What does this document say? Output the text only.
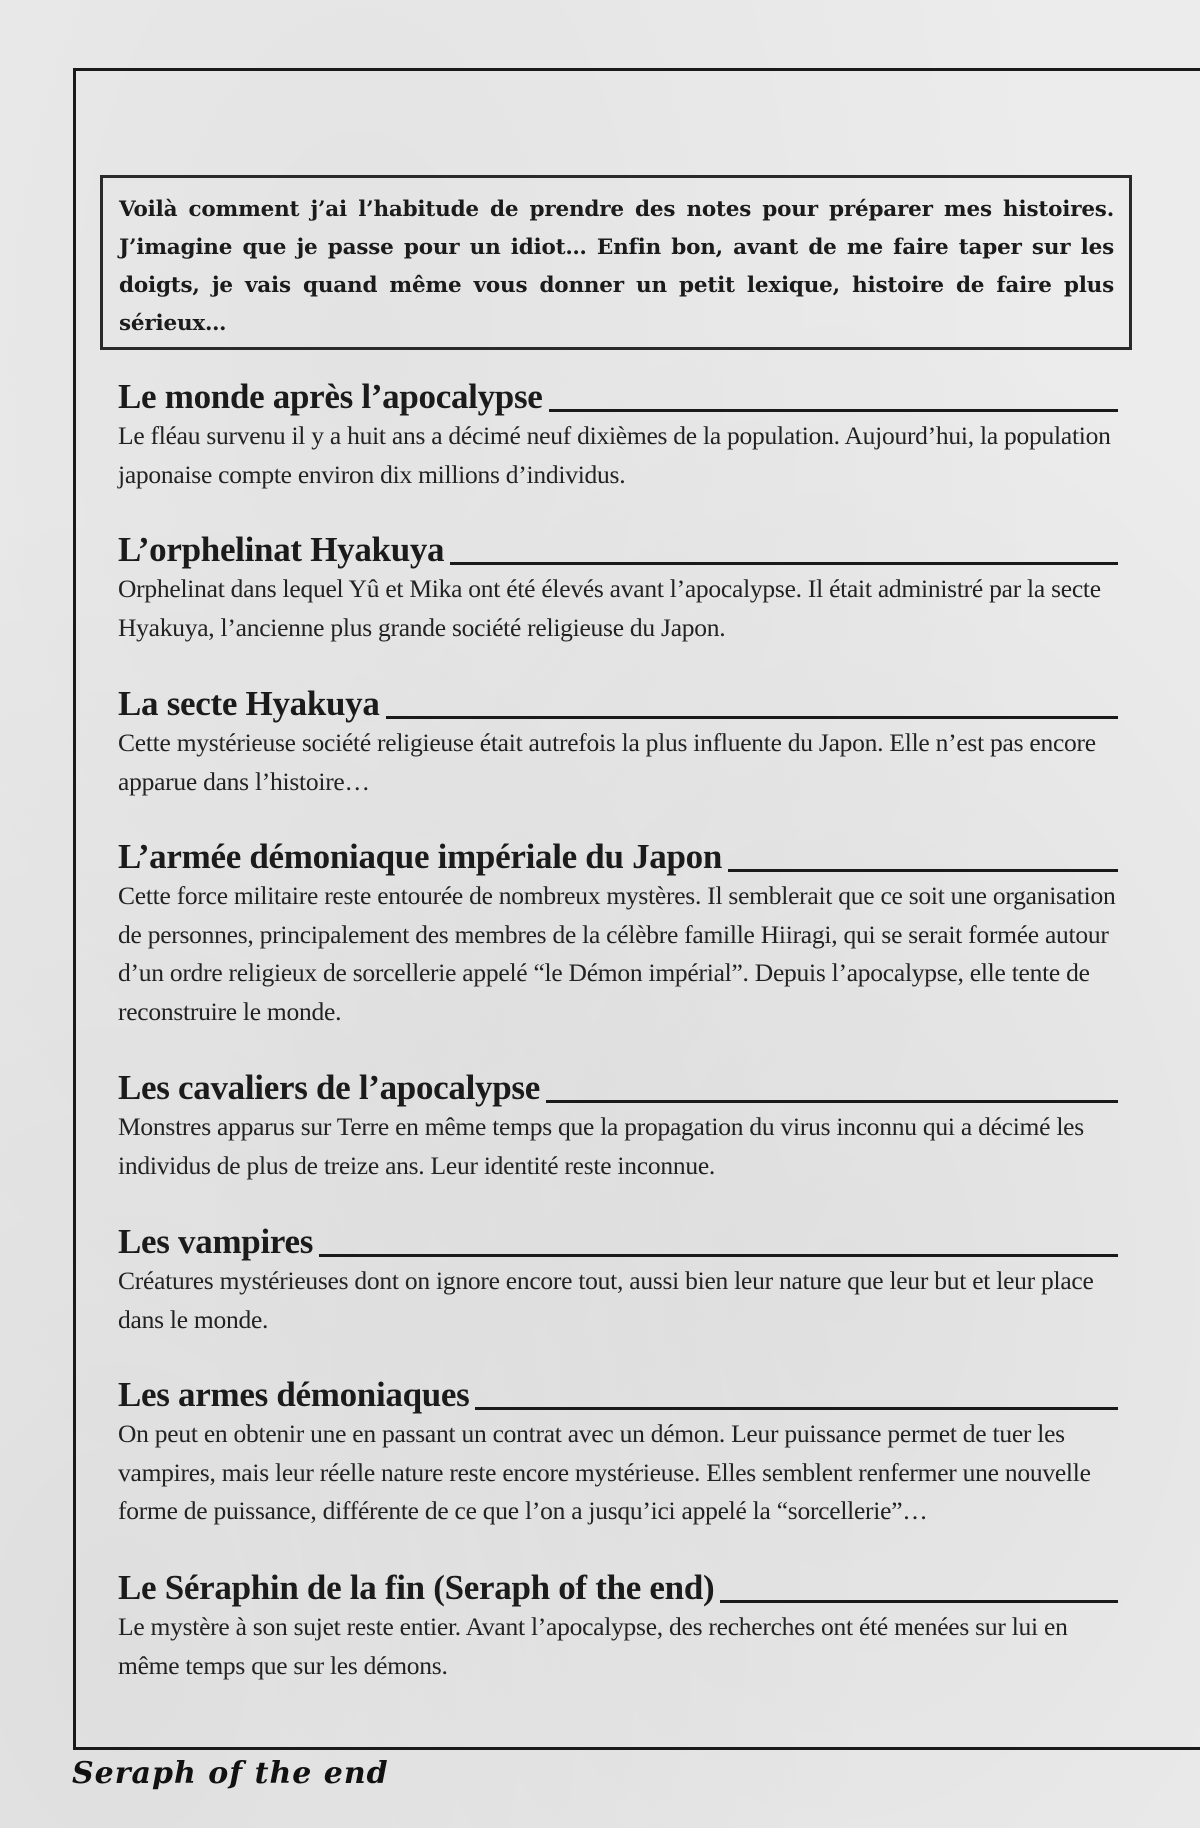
Voilà comment j’ai l’habitude de prendre des notes pour préparer mes histoires. J’imagine que je passe pour un idiot… Enfin bon, avant de me faire taper sur les doigts, je vais quand même vous donner un petit lexique, histoire de faire plus sérieux…
Le monde après l’apocalypse
Le fléau survenu il y a huit ans a décimé neuf dixièmes de la population. Aujourd’hui, la population japonaise compte environ dix millions d’individus.
L’orphelinat Hyakuya
Orphelinat dans lequel Yû et Mika ont été élevés avant l’apocalypse. Il était administré par la secte Hyakuya, l’ancienne plus grande société religieuse du Japon.
La secte Hyakuya
Cette mystérieuse société religieuse était autrefois la plus influente du Japon. Elle n’est pas encore apparue dans l’histoire…
L’armée démoniaque impériale du Japon
Cette force militaire reste entourée de nombreux mystères. Il semblerait que ce soit une organisation de personnes, principalement des membres de la célèbre famille Hiiragi, qui se serait formée autour d’un ordre religieux de sorcellerie appelé “le Démon impérial”. Depuis l’apocalypse, elle tente de reconstruire le monde.
Les cavaliers de l’apocalypse
Monstres apparus sur Terre en même temps que la propagation du virus inconnu qui a décimé les individus de plus de treize ans. Leur identité reste inconnue.
Les vampires
Créatures mystérieuses dont on ignore encore tout, aussi bien leur nature que leur but et leur place dans le monde.
Les armes démoniaques
On peut en obtenir une en passant un contrat avec un démon. Leur puissance permet de tuer les vampires, mais leur réelle nature reste encore mystérieuse. Elles semblent renfermer une nouvelle forme de puissance, différente de ce que l’on a jusqu’ici appelé la “sorcellerie”…
Le Séraphin de la fin (Seraph of the end)
Le mystère à son sujet reste entier. Avant l’apocalypse, des recherches ont été menées sur lui en même temps que sur les démons.
Seraph of the end
